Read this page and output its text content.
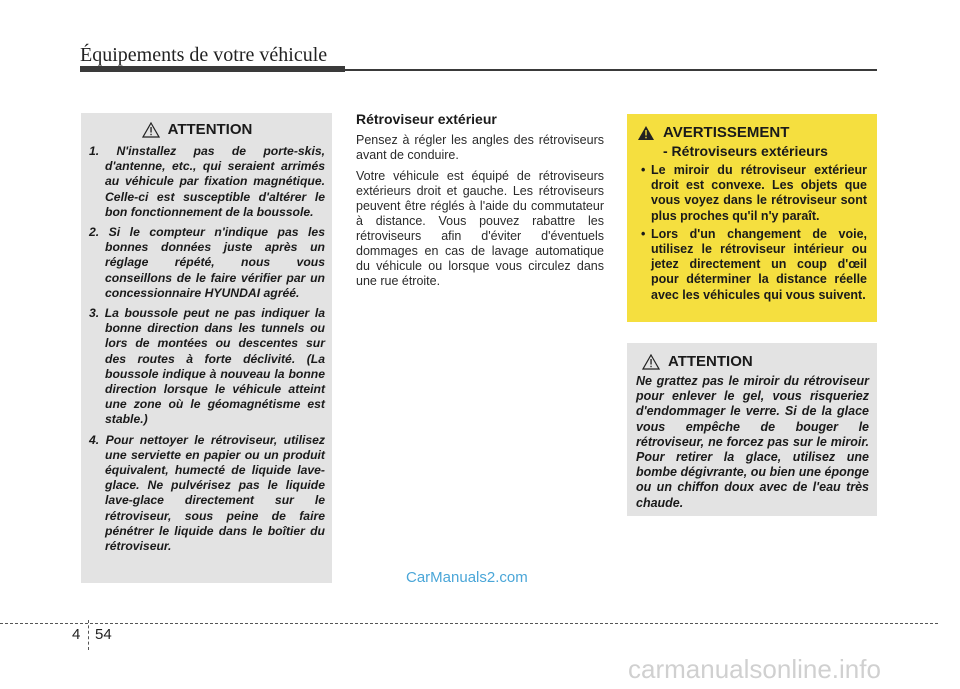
Équipements de votre véhicule
ATTENTION
1. N'installez pas de porte-skis, d'antenne, etc., qui seraient arrimés au véhicule par fixation magnétique. Celle-ci est susceptible d'altérer le bon fonctionnement de la boussole.
2. Si le compteur n'indique pas les bonnes données juste après un réglage répété, nous vous conseillons de le faire vérifier par un concessionnaire HYUNDAI agréé.
3. La boussole peut ne pas indiquer la bonne direction dans les tunnels ou lors de montées ou descentes sur des routes à forte déclivité. (La boussole indique à nouveau la bonne direction lorsque le véhicule atteint une zone où le géomagnétisme est stable.)
4. Pour nettoyer le rétroviseur, utilisez une serviette en papier ou un produit équivalent, humecté de liquide lave-glace. Ne pulvérisez pas le liquide lave-glace directement sur le rétroviseur, sous peine de faire pénétrer le liquide dans le boîtier du rétroviseur.
Rétroviseur extérieur

Pensez à régler les angles des rétroviseurs avant de conduire.

Votre véhicule est équipé de rétroviseurs extérieurs droit et gauche. Les rétroviseurs peuvent être réglés à l'aide du commutateur à distance. Vous pouvez rabattre les rétroviseurs afin d'éviter d'éventuels dommages en cas de lavage automatique du véhicule ou lorsque vous circulez dans une rue étroite.

AVERTISSEMENT
- Rétroviseurs extérieurs
• Le miroir du rétroviseur extérieur droit est convexe. Les objets que vous voyez dans le rétroviseur sont plus proches qu'il n'y paraît.
• Lors d'un changement de voie, utilisez le rétroviseur intérieur ou jetez directement un coup d'œil pour déterminer la distance réelle avec les véhicules qui vous suivent.
ATTENTION

Ne grattez pas le miroir du rétroviseur pour enlever le gel, vous risqueriez d'endommager le verre. Si de la glace vous empêche de bouger le rétroviseur, ne forcez pas sur le miroir. Pour retirer la glace, utilisez une bombe dégivrante, ou bien une éponge ou un chiffon doux avec de l'eau très chaude.

CarManuals2.com
4 54
carmanualsonline.info
